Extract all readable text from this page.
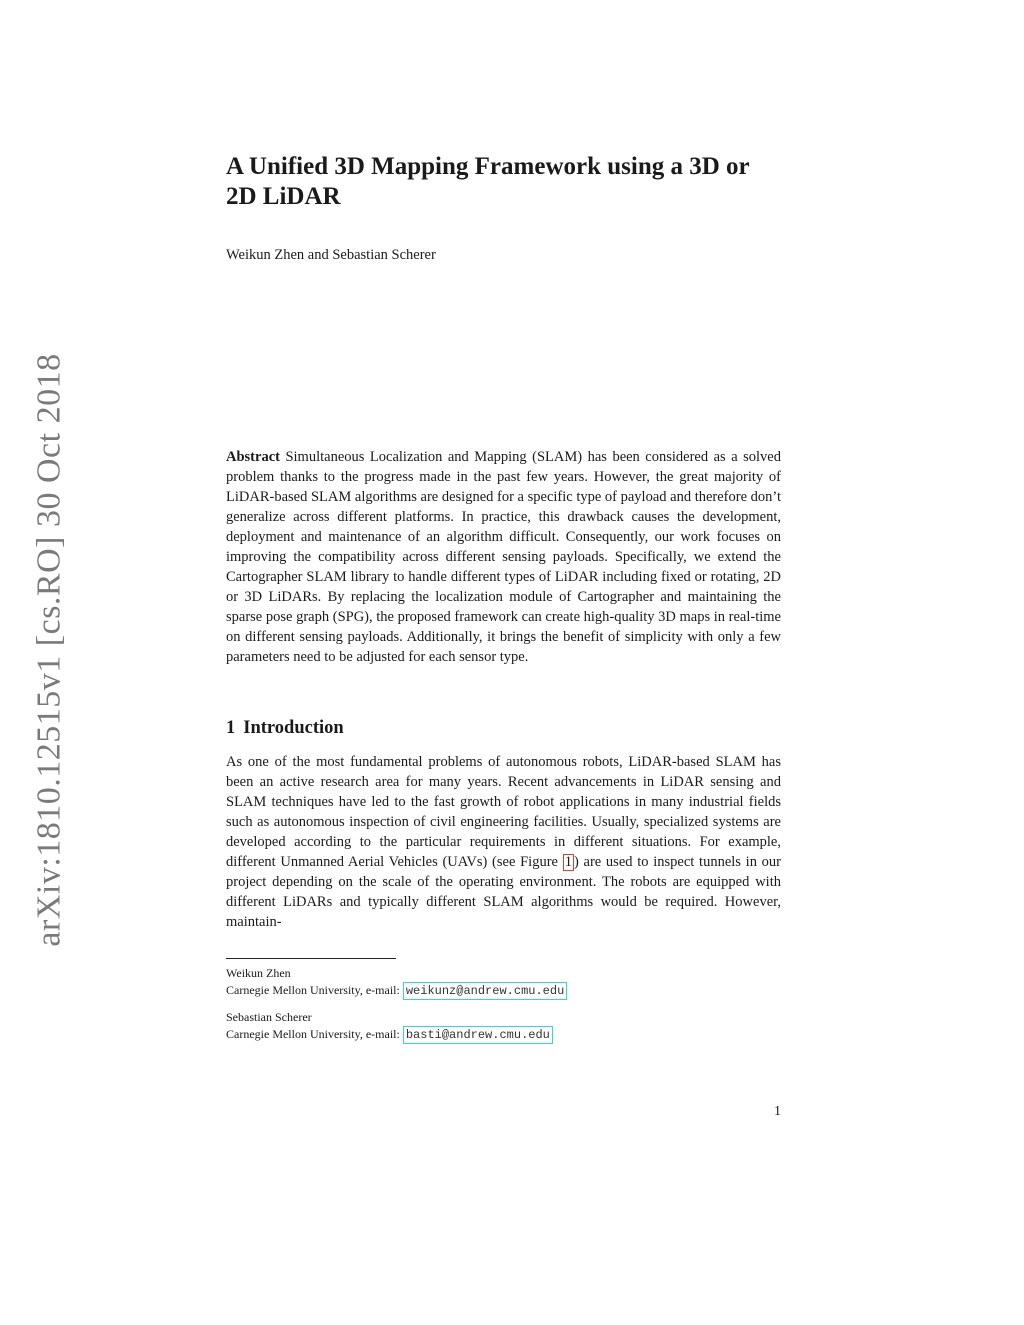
arXiv:1810.12515v1 [cs.RO] 30 Oct 2018
A Unified 3D Mapping Framework using a 3D or 2D LiDAR
Weikun Zhen and Sebastian Scherer
Abstract Simultaneous Localization and Mapping (SLAM) has been considered as a solved problem thanks to the progress made in the past few years. However, the great majority of LiDAR-based SLAM algorithms are designed for a specific type of payload and therefore don’t generalize across different platforms. In practice, this drawback causes the development, deployment and maintenance of an algorithm difficult. Consequently, our work focuses on improving the compatibility across different sensing payloads. Specifically, we extend the Cartographer SLAM library to handle different types of LiDAR including fixed or rotating, 2D or 3D LiDARs. By replacing the localization module of Cartographer and maintaining the sparse pose graph (SPG), the proposed framework can create high-quality 3D maps in real-time on different sensing payloads. Additionally, it brings the benefit of simplicity with only a few parameters need to be adjusted for each sensor type.
1 Introduction
As one of the most fundamental problems of autonomous robots, LiDAR-based SLAM has been an active research area for many years. Recent advancements in LiDAR sensing and SLAM techniques have led to the fast growth of robot applications in many industrial fields such as autonomous inspection of civil engineering facilities. Usually, specialized systems are developed according to the particular requirements in different situations. For example, different Unmanned Aerial Vehicles (UAVs) (see Figure 1 ) are used to inspect tunnels in our project depending on the scale of the operating environment. The robots are equipped with different LiDARs and typically different SLAM algorithms would be required. However, maintain-
Weikun Zhen
Carnegie Mellon University, e-mail: weikunz@andrew.cmu.edu
Sebastian Scherer
Carnegie Mellon University, e-mail: basti@andrew.cmu.edu
1
